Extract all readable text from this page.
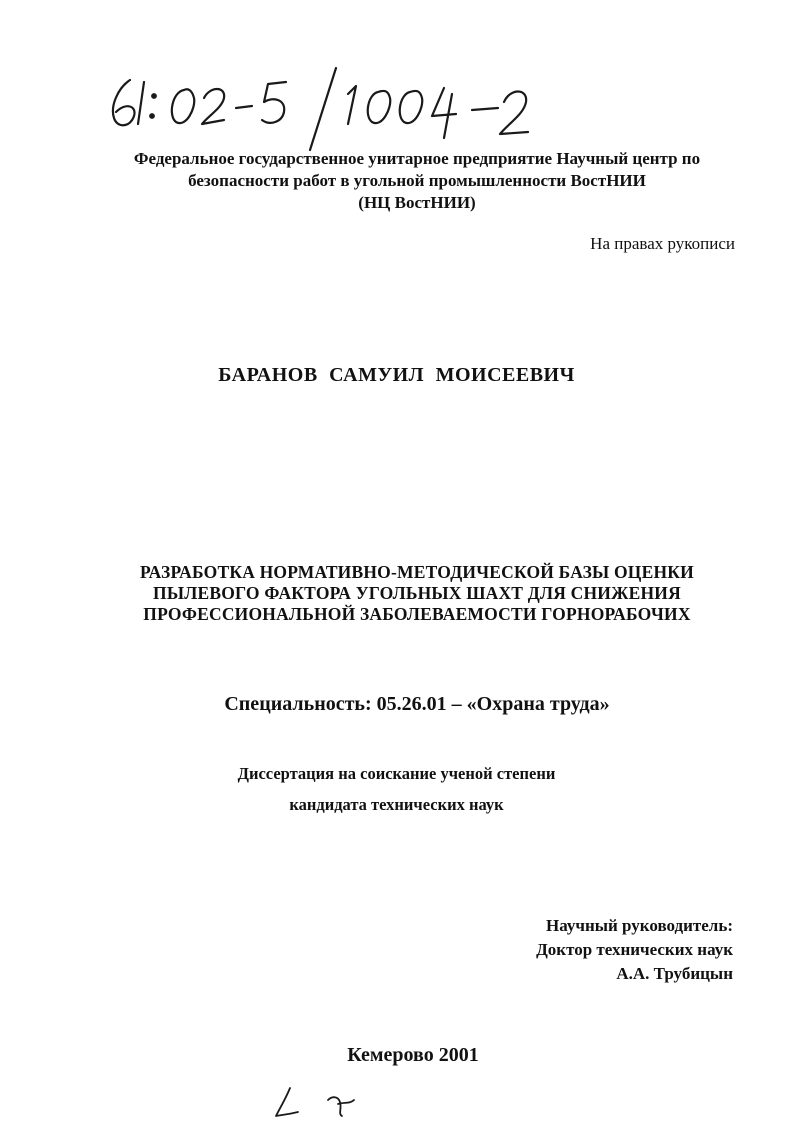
Федеральное государственное унитарное предприятие Научный центр по
безопасности работ в угольной промышленности ВостНИИ
(НЦ ВостНИИ)
На правах рукописи
БАРАНОВ САМУИЛ МОИСЕЕВИЧ
РАЗРАБОТКА НОРМАТИВНО-МЕТОДИЧЕСКОЙ БАЗЫ ОЦЕНКИ
ПЫЛЕВОГО ФАКТОРА УГОЛЬНЫХ ШАХТ ДЛЯ СНИЖЕНИЯ
ПРОФЕССИОНАЛЬНОЙ ЗАБОЛЕВАЕМОСТИ ГОРНОРАБОЧИХ
Специальность: 05.26.01 – «Охрана труда»
Диссертация на соискание ученой степени
кандидата технических наук
Научный руководитель:
Доктор технических наук
А.А. Трубицын
Кемерово 2001
